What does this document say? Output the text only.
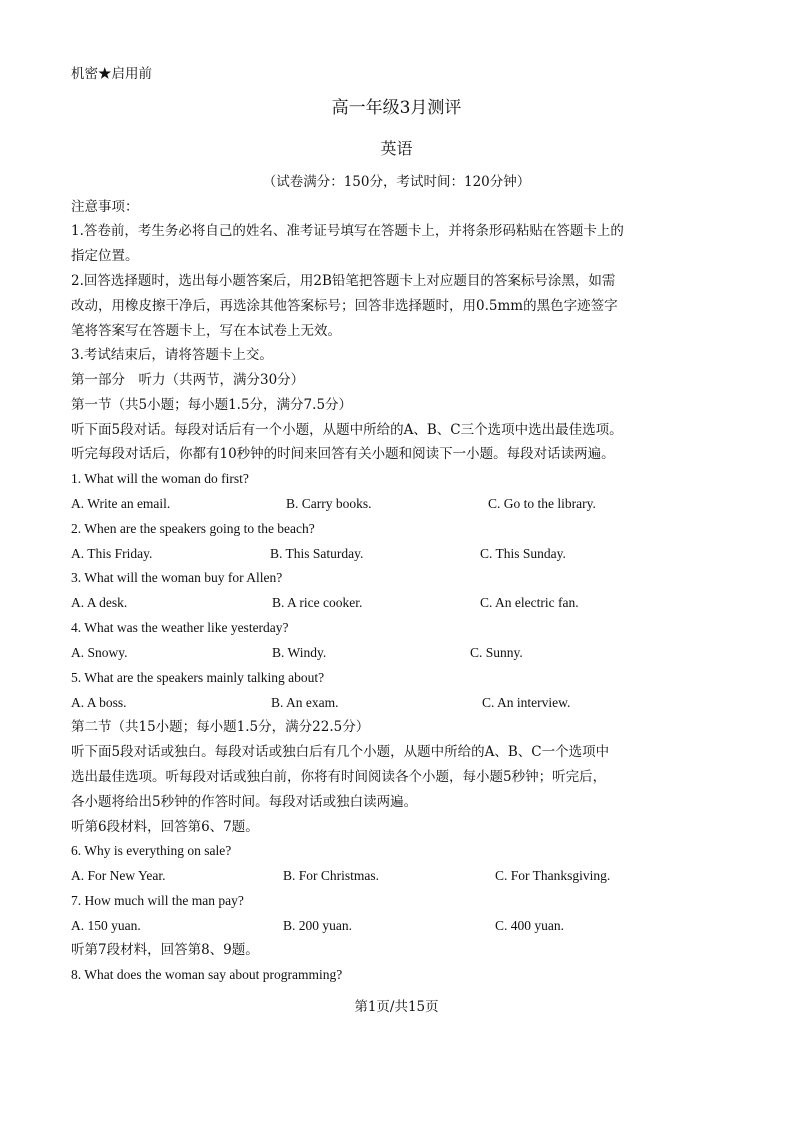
机密★启用前
高一年级3月测评
英语
（试卷满分：150分，考试时间：120分钟）
注意事项：
1.答卷前，考生务必将自己的姓名、准考证号填写在答题卡上，并将条形码粘贴在答题卡上的
指定位置。
2.回答选择题时，选出每小题答案后，用2B铅笔把答题卡上对应题目的答案标号涂黑，如需
改动，用橡皮擦干净后，再选涂其他答案标号；回答非选择题时，用0.5mm的黑色字迹签字
笔将答案写在答题卡上，写在本试卷上无效。
3.考试结束后，请将答题卡上交。
第一部分　听力（共两节，满分30分）
第一节（共5小题；每小题1.5分，满分7.5分）
听下面5段对话。每段对话后有一个小题，从题中所给的A、B、C三个选项中选出最佳选项。
听完每段对话后，你都有10秒钟的时间来回答有关小题和阅读下一小题。每段对话读两遍。
1. What will the woman do first?
A. Write an email.	B. Carry books.	C. Go to the library.
2. When are the speakers going to the beach?
A. This Friday.	B. This Saturday.	C. This Sunday.
3. What will the woman buy for Allen?
A. A desk.	B. A rice cooker.	C. An electric fan.
4. What was the weather like yesterday?
A. Snowy.	B. Windy.	C. Sunny.
5. What are the speakers mainly talking about?
A. A boss.	B. An exam.	C. An interview.
第二节（共15小题；每小题1.5分，满分22.5分）
听下面5段对话或独白。每段对话或独白后有几个小题，从题中所给的A、B、C一个选项中
选出最佳选项。听每段对话或独白前，你将有时间阅读各个小题，每小题5秒钟；听完后，
各小题将给出5秒钟的作答时间。每段对话或独白读两遍。
听第6段材料，回答第6、7题。
6. Why is everything on sale?
A. For New Year.	B. For Christmas.	C. For Thanksgiving.
7. How much will the man pay?
A. 150 yuan.	B. 200 yuan.	C. 400 yuan.
听第7段材料，回答第8、9题。
8. What does the woman say about programming?
第1页/共15页
